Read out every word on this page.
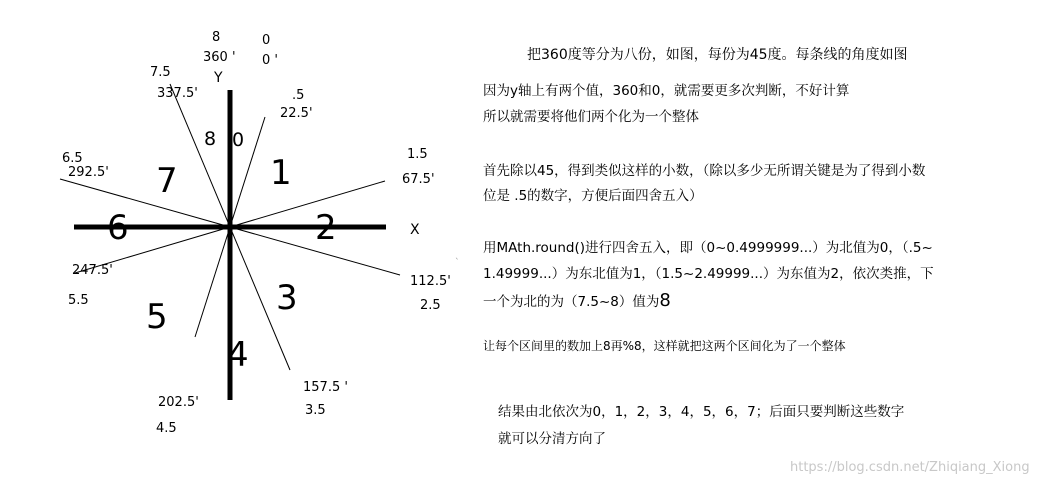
8
360 '
0
0 '
Y
X
.5
22.5'
1.5
67.5'
`
112.5'
2.5
157.5 '
3.5
202.5'
4.5
247.5'
5.5
6.5
292.5'
7.5
337.5'
8 0
1
2
3
4
5
6
7
把360度等分为八份，如图，每份为45度。每条线的角度如图
因为y轴上有两个值，360和0，就需要更多次判断，不好计算
所以就需要将他们两个化为一个整体
首先除以45，得到类似这样的小数，（除以多少无所谓关键是为了得到小数
位是 .5的数字，方便后面四舍五入）
用MAth.round()进行四舍五入，即（0~0.4999999...）为北值为0，（.5~
1.49999...）为东北值为1，（1.5~2.49999...）为东值为2，依次类推，下
一个为北的为（7.5~8）值为8
让每个区间里的数加上8再%8，这样就把这两个区间化为了一个整体
结果由北依次为0，1，2，3，4，5，6，7；后面只要判断这些数字
就可以分清方向了
https://blog.csdn.net/Zhiqiang_Xiong
